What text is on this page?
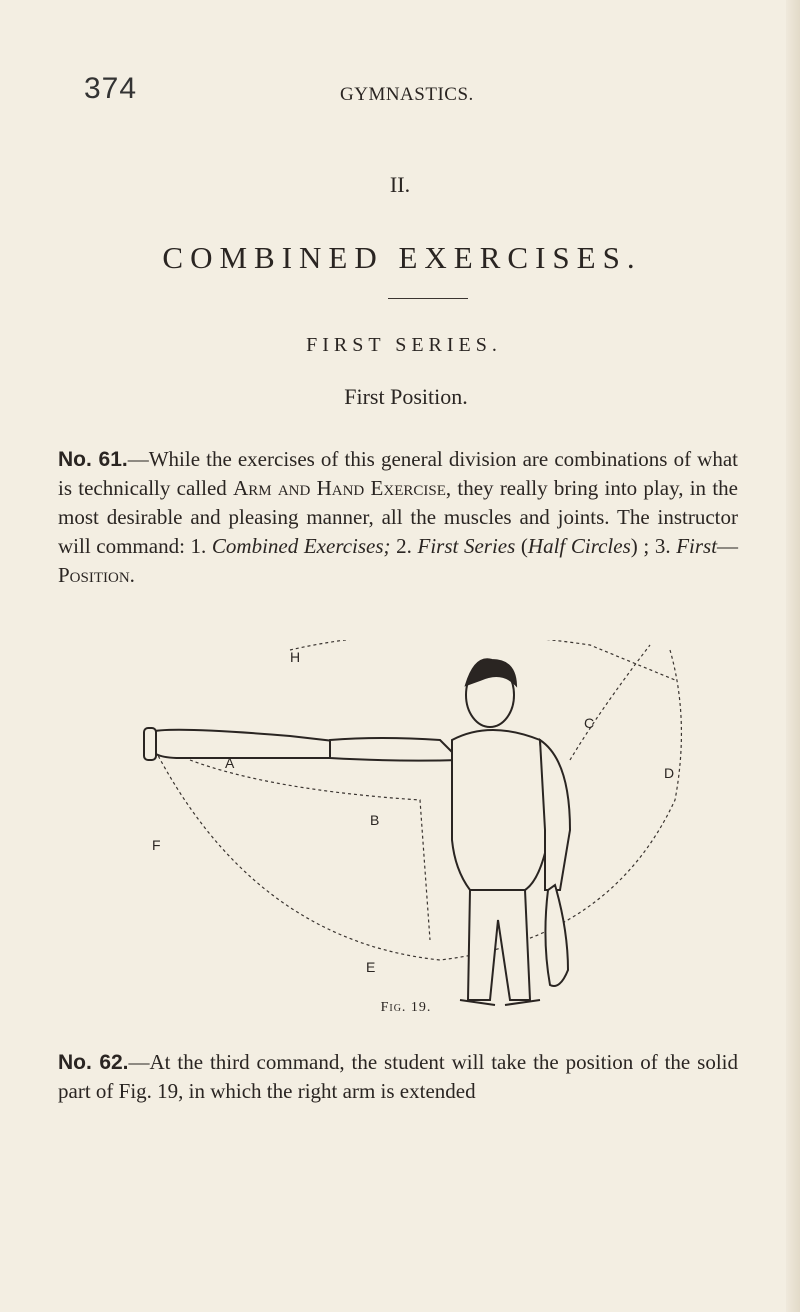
374	GYMNASTICS.
II.
COMBINED EXERCISES.
FIRST SERIES.
First Position.

No. 61.—While the exercises of this general division are combinations of what is technically called Arm and Hand Exercise, they really bring into play, in the most desirable and pleasing manner, all the muscles and joints. The instructor will command: 1. Combined Exercises; 2. First Series (Half Circles) ; 3. First— Position.

H
A
B
C
D
E
F
Fig. 19.

No. 62.—At the third command, the student will take the position of the solid part of Fig. 19, in which the right arm is extended
